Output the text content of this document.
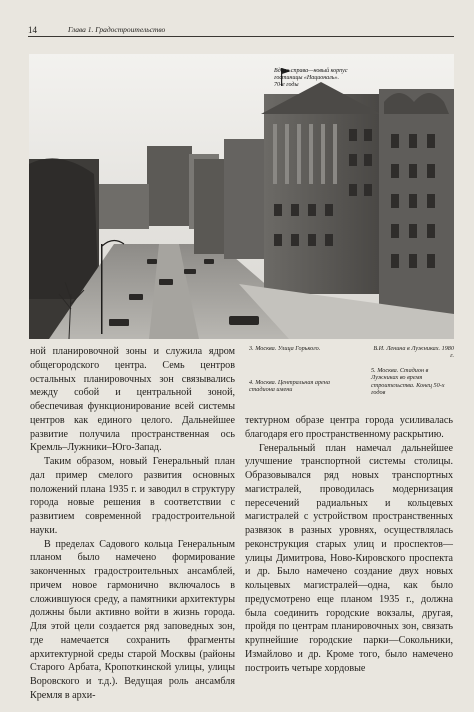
14	Глава 1. Градостроительство
Вдали справа—новый корпус гостиницы «Националь». 70-е годы
3. Москва. Улица Горького.
4. Москва. Центральная арена стадиона имени
В.И. Ленина в Лужниках. 1980 г.
5. Москва. Стадион в Лужниках во время строительства. Конец 50-х годов

ной планировочной зоны и служила ядром общегородского центра. Семь центров остальных планировочных зон связывались между собой и центральной зоной, обеспечивая функционирование всей системы центров как единого целого. Дальнейшее развитие получила пространственная ось Кремль–Лужники–Юго-Запад.

Таким образом, новый Генеральный план дал пример смелого развития основных положений плана 1935 г. и заводил в структуру города новые решения в соответствии с развитием современной градостроительной науки.

В пределах Садового кольца Генеральным планом было намечено формирование законченных градостроительных ансамблей, причем новое гармонично включалось в сложившуюся среду, а памятники архитектуры должны были активно войти в жизнь города. Для этой цели создается ряд заповедных зон, где намечается сохранить фрагменты архитектурной среды старой Москвы (районы Старого Арбата, Кропоткинской улицы, улицы Воровского и т.д.). Ведущая роль ансамбля Кремля в архи-

тектурном образе центра города усиливалась благодаря его пространственному раскрытию.

Генеральный план намечал дальнейшее улучшение транспортной системы столицы. Образовывался ряд новых транспортных магистралей, проводилась модернизация пересечений радиальных и кольцевых магистралей с устройством пространственных развязок в разных уровнях, осуществлялась реконструкция старых улиц и проспектов—улицы Димитрова, Ново-Кировского проспекта и др. Было намечено создание двух новых кольцевых магистралей—одна, как было предусмотрено еще планом 1935 г., должна была соединить городские вокзалы, другая, пройдя по центрам планировочных зон, связать крупнейшие городские парки—Сокольники, Измайлово и др. Кроме того, было намечено построить четыре хордовые
